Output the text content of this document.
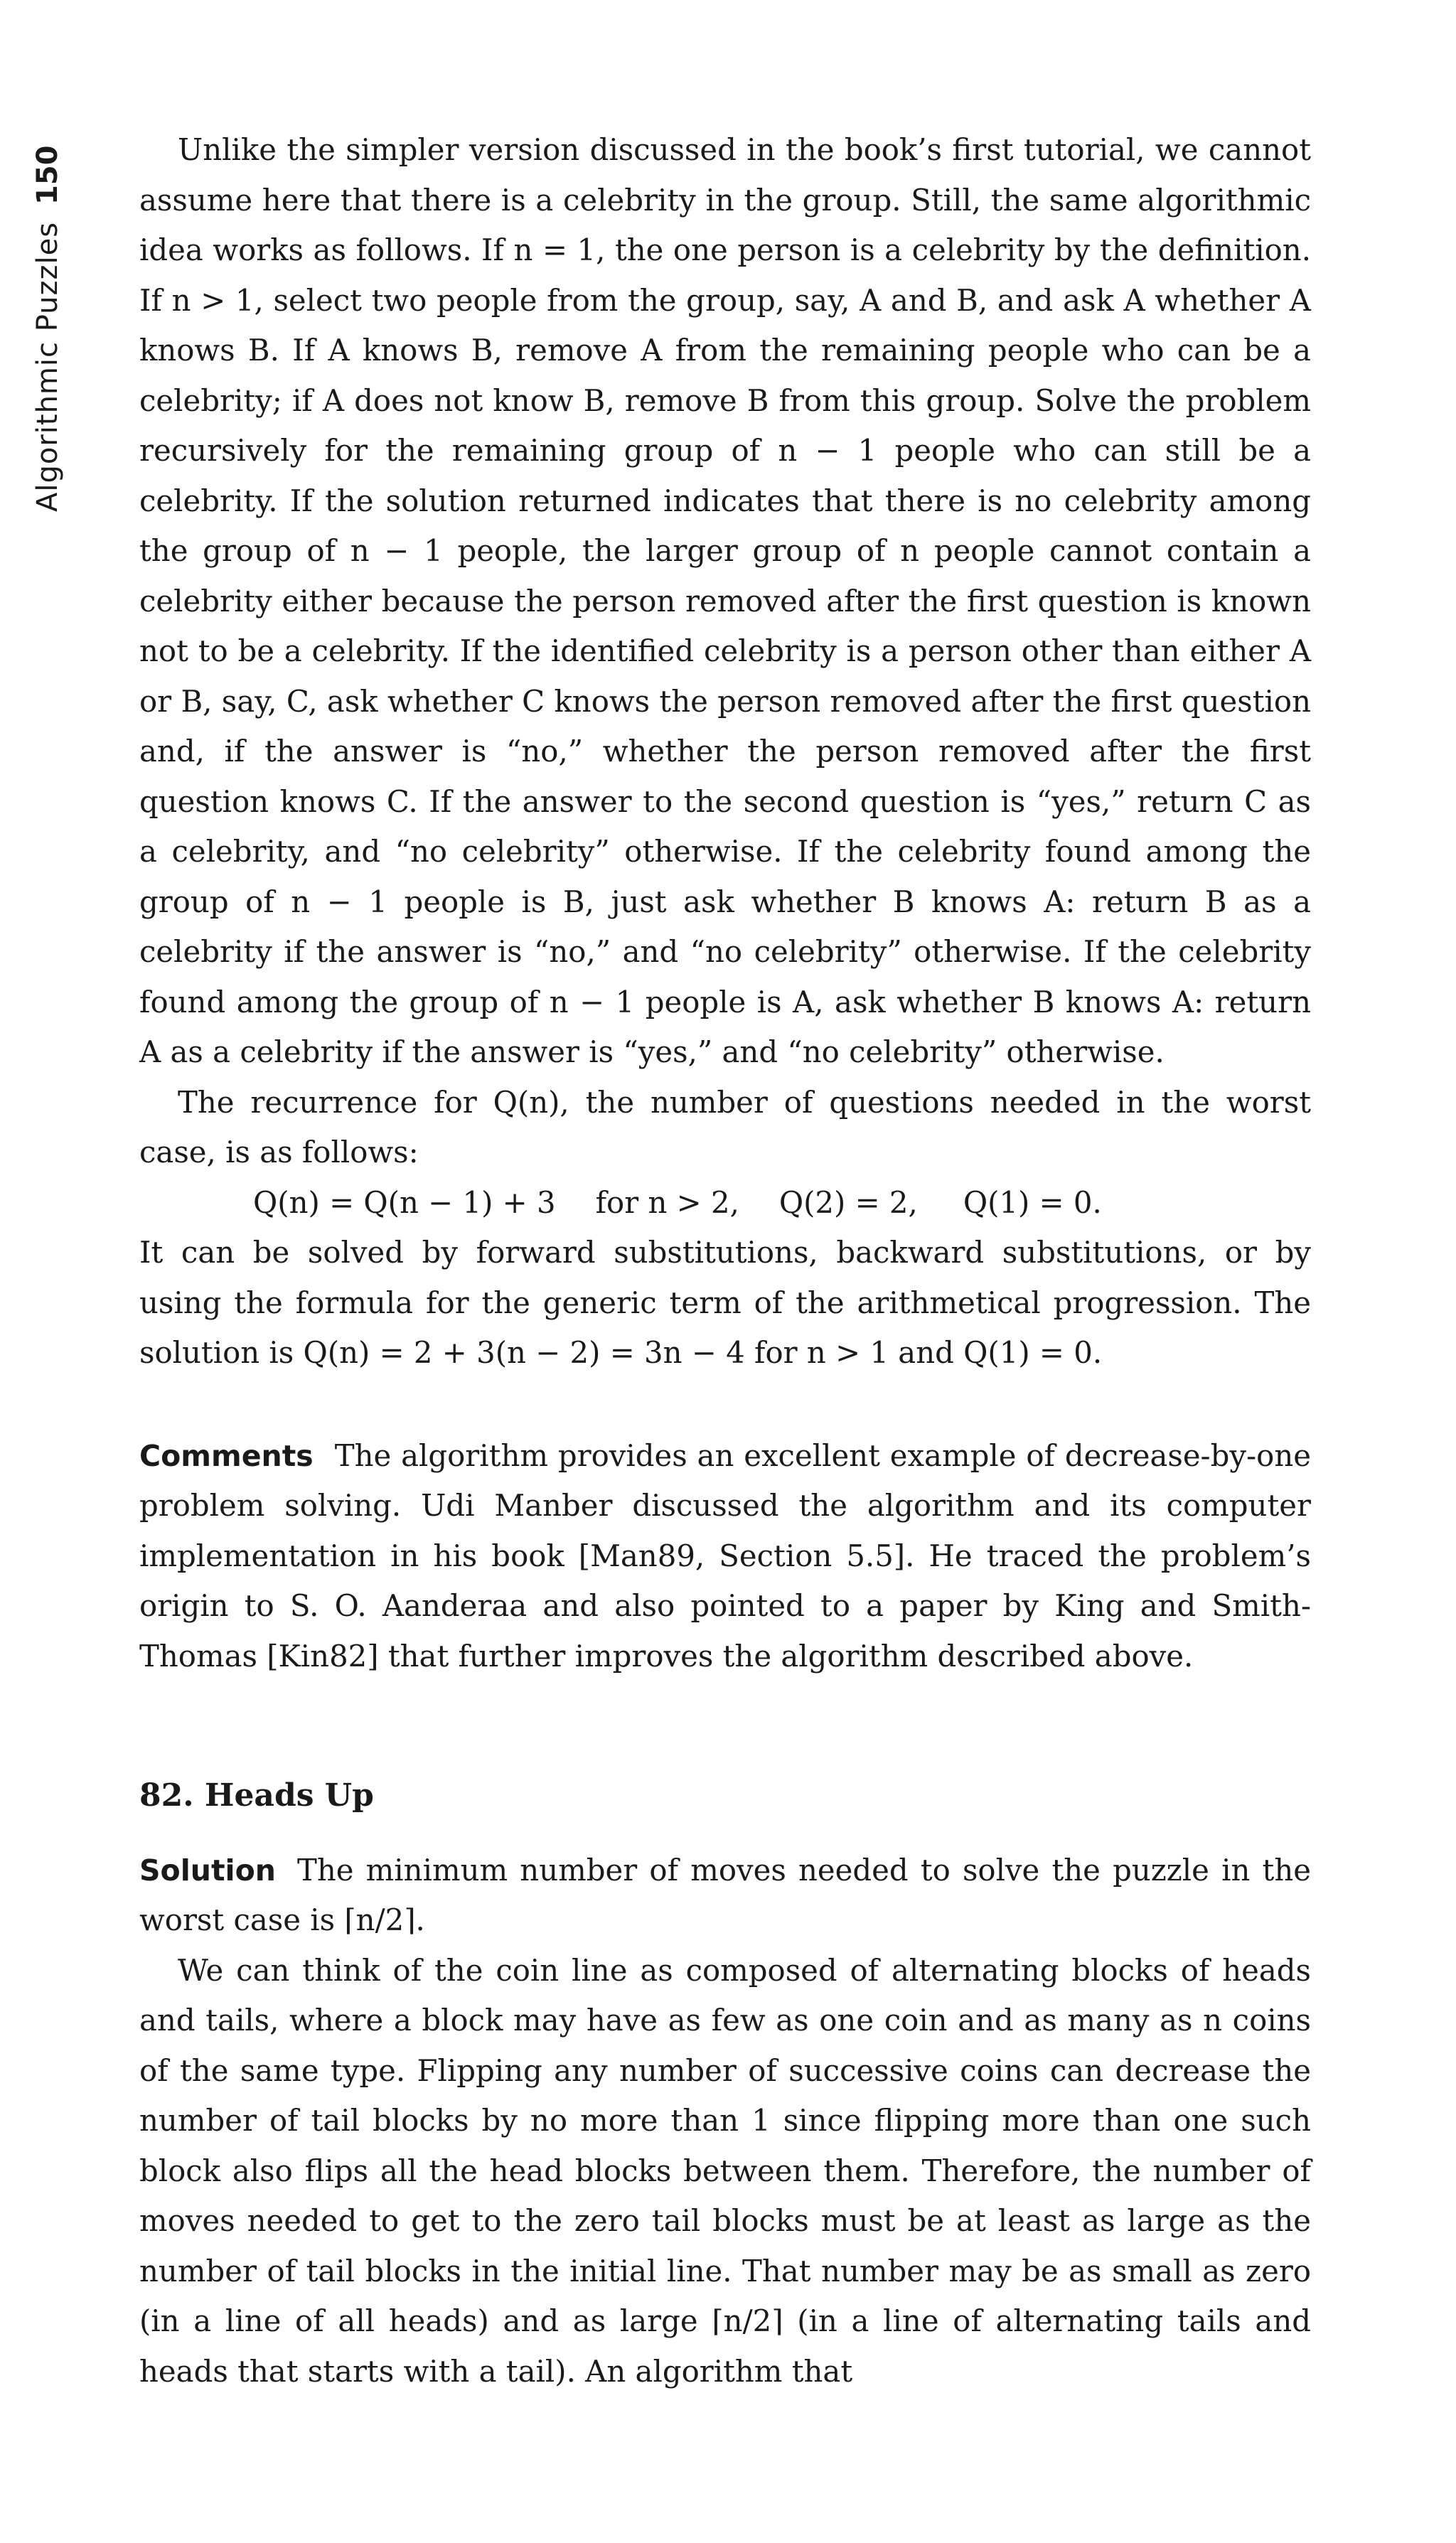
Algorithmic Puzzles
150	Unlike the simpler version discussed in the book’s first tutorial, we cannot assume here that there is a celebrity in the group. Still, the same algorithmic idea works as follows. If n = 1, the one person is a celebrity by the definition. If n > 1, select two people from the group, say, A and B, and ask A whether A knows B. If A knows B, remove A from the remaining people who can be a celebrity; if A does not know B, remove B from this group. Solve the problem recursively for the remaining group of n − 1 people who can still be a celebrity. If the solution returned indicates that there is no celebrity among the group of n − 1 people, the larger group of n people cannot contain a celebrity either because the person removed after the first question is known not to be a celebrity. If the identified celebrity is a person other than either A or B, say, C, ask whether C knows the person removed after the first question and, if the answer is “no,” whether the person removed after the first question knows C. If the answer to the second question is “yes,” return C as a celebrity, and “no celebrity” otherwise. If the celebrity found among the group of n − 1 people is B, just ask whether B knows A: return B as a celebrity if the answer is “no,” and “no celebrity” otherwise. If the celebrity found among the group of n − 1 people is A, ask whether B knows A: return A as a celebrity if the answer is “yes,” and “no celebrity” otherwise.

The recurrence for Q(n), the number of questions needed in the worst case, is as follows:

Q(n) = Q(n − 1) + 3 for n > 2, Q(2) = 2, Q(1) = 0.

It can be solved by forward substitutions, backward substitutions, or by using the formula for the generic term of the arithmetical progression. The solution is Q(n) = 2 + 3(n − 2) = 3n − 4 for n > 1 and Q(1) = 0.

Comments The algorithm provides an excellent example of decrease-by-one problem solving. Udi Manber discussed the algorithm and its computer implementation in his book [Man89, Section 5.5]. He traced the problem’s origin to S. O. Aanderaa and also pointed to a paper by King and Smith-Thomas [Kin82] that further improves the algorithm described above.

82. Heads Up

Solution The minimum number of moves needed to solve the puzzle in the worst case is ⌈n/2⌉.

We can think of the coin line as composed of alternating blocks of heads and tails, where a block may have as few as one coin and as many as n coins of the same type. Flipping any number of successive coins can decrease the number of tail blocks by no more than 1 since flipping more than one such block also flips all the head blocks between them. Therefore, the number of moves needed to get to the zero tail blocks must be at least as large as the number of tail blocks in the initial line. That number may be as small as zero (in a line of all heads) and as large ⌈n/2⌉ (in a line of alternating tails and heads that starts with a tail). An algorithm that
